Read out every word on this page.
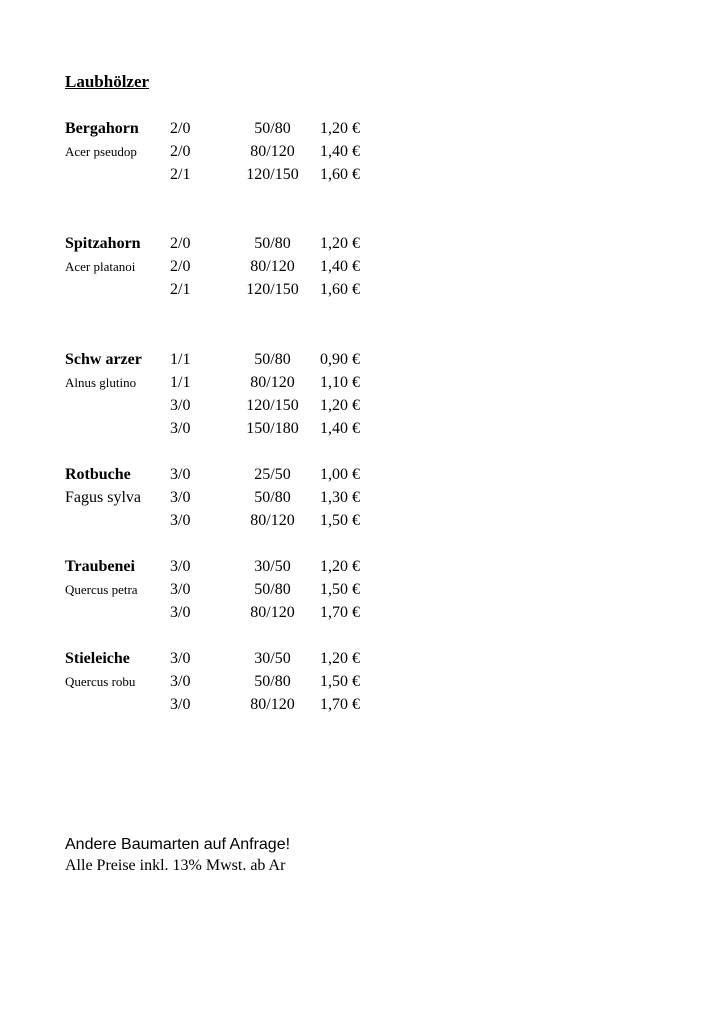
Laubhölzer
Bergahorn 2/0	50/80	1,20 €
Acer pseudop 2/0	80/120	1,40 €
2/1	120/150	1,60 €
Spitzahorn 2/0	50/80	1,20 €
Acer platanoi 2/0	80/120	1,40 €
2/1	120/150	1,60 €
Schw arzer 1/1	50/80	0,90 €
Alnus glutino 1/1	80/120	1,10 €
3/0	120/150	1,20 €
3/0	150/180	1,40 €
Rotbuche 3/0	25/50	1,00 €
Fagus sylva 3/0	50/80	1,30 €
3/0	80/120	1,50 €
Traubenei 3/0	30/50	1,20 €
Quercus petra 3/0	50/80	1,50 €
3/0	80/120	1,70 €
Stieleiche	3/0	30/50	1,20 €
Quercus robu 3/0	50/80	1,50 €
3/0	80/120	1,70 €
Andere Baumarten auf Anfrage!
Alle Preise inkl. 13% Mwst. ab Ar
